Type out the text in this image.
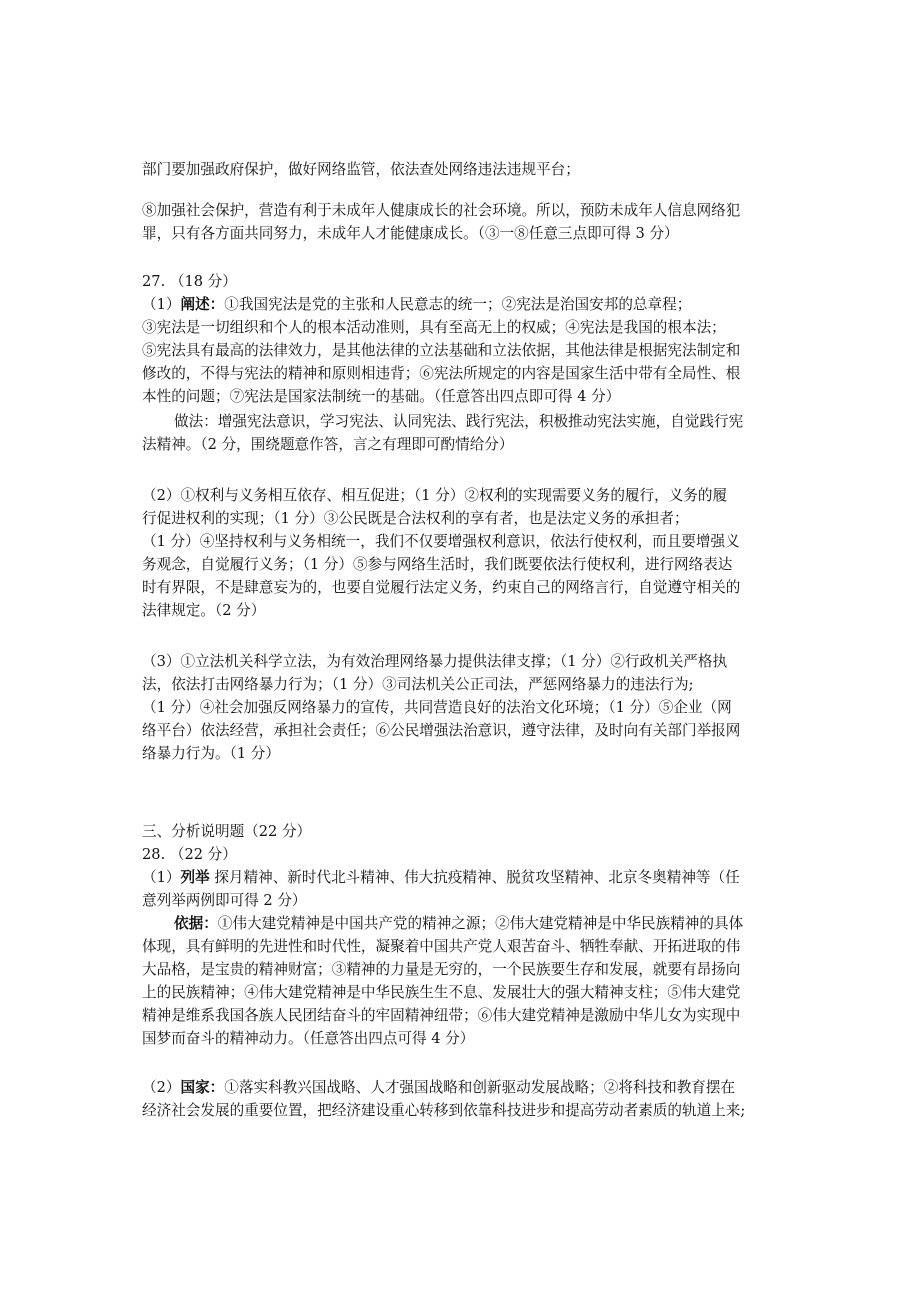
部门要加强政府保护，做好网络监管，依法查处网络违法违规平台；
⑧加强社会保护，营造有利于未成年人健康成长的社会环境。所以，预防未成年人信息网络犯
罪，只有各方面共同努力，未成年人才能健康成长。（③一⑧任意三点即可得 3 分）
27. （18 分）
（1）阐述：①我国宪法是党的主张和人民意志的统一；②宪法是治国安邦的总章程；
③宪法是一切组织和个人的根本活动准则，具有至高无上的权威；④宪法是我国的根本法；
⑤宪法具有最高的法律效力，是其他法律的立法基础和立法依据，其他法律是根据宪法制定和
修改的，不得与宪法的精神和原则相违背；⑥宪法所规定的内容是国家生活中带有全局性、根
本性的问题；⑦宪法是国家法制统一的基础。（任意答出四点即可得 4 分）
做法：增强宪法意识，学习宪法、认同宪法、践行宪法，积极推动宪法实施，自觉践行宪
法精神。（2 分，围绕题意作答，言之有理即可酌情给分）
（2）①权利与义务相互依存、相互促进；（1 分）②权利的实现需要义务的履行，义务的履
行促进权利的实现；（1 分）③公民既是合法权利的享有者，也是法定义务的承担者；
（1 分）④坚持权利与义务相统一，我们不仅要增强权利意识，依法行使权利，而且要增强义
务观念，自觉履行义务；（1 分）⑤参与网络生活时，我们既要依法行使权利，进行网络表达
时有界限，不是肆意妄为的，也要自觉履行法定义务，约束自己的网络言行，自觉遵守相关的
法律规定。（2 分）
（3）①立法机关科学立法，为有效治理网络暴力提供法律支撑；（1 分）②行政机关严格执
法，依法打击网络暴力行为；（1 分）③司法机关公正司法，严惩网络暴力的违法行为;
（1 分）④社会加强反网络暴力的宣传，共同营造良好的法治文化环境；（1 分）⑤企业（网
络平台）依法经营，承担社会责任；⑥公民增强法治意识，遵守法律，及时向有关部门举报网
络暴力行为。（1 分）
三、分析说明题（22 分）
28. （22 分）
（1）列举 探月精神、新时代北斗精神、伟大抗疫精神、脱贫攻坚精神、北京冬奥精神等（任
意列举两例即可得 2 分）
依据：①伟大建党精神是中国共产党的精神之源；②伟大建党精神是中华民族精神的具体
体现，具有鲜明的先进性和时代性，凝聚着中国共产党人艰苦奋斗、牺牲奉献、开拓进取的伟
大品格，是宝贵的精神财富；③精神的力量是无穷的，一个民族要生存和发展，就要有昂扬向
上的民族精神；④伟大建党精神是中华民族生生不息、发展壮大的强大精神支柱；⑤伟大建党
精神是维系我国各族人民团结奋斗的牢固精神纽带；⑥伟大建党精神是激励中华儿女为实现中
国梦而奋斗的精神动力。（任意答出四点可得 4 分）
（2）国家：①落实科教兴国战略、人才强国战略和创新驱动发展战略；②将科技和教育摆在
经济社会发展的重要位置，把经济建设重心转移到依靠科技进步和提高劳动者素质的轨道上来;
